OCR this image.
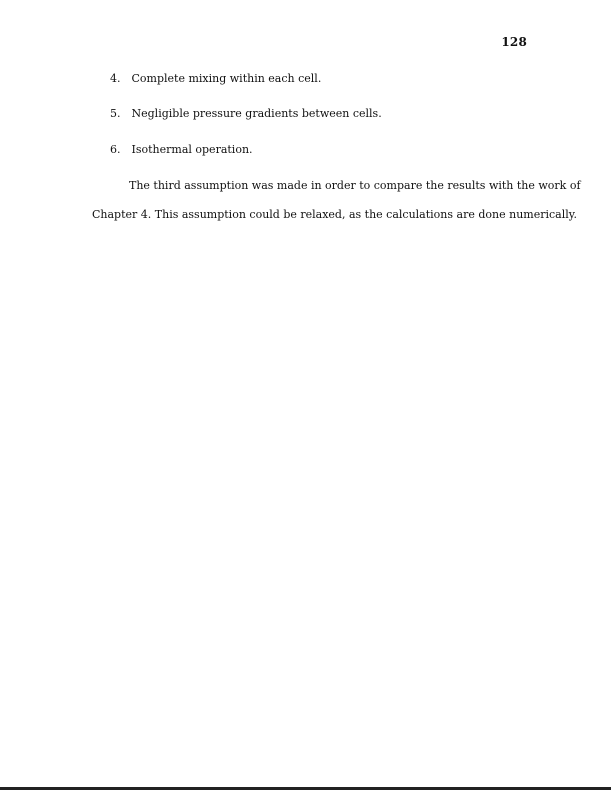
128
4. Complete mixing within each cell.
5. Negligible pressure gradients between cells.
6. Isothermal operation.
The third assumption was made in order to compare the results with the work of
Chapter 4. This assumption could be relaxed, as the calculations are done numerically.
